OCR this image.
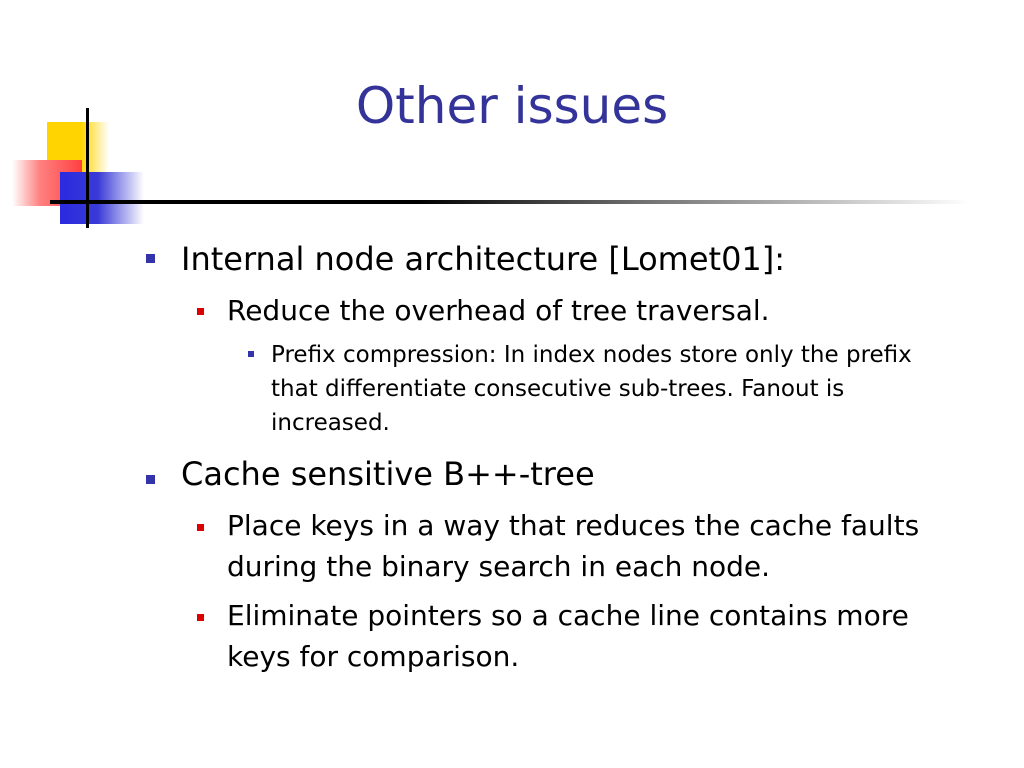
Other issues
Internal node architecture [Lomet01]:
Reduce the overhead of tree traversal.
Prefix compression: In index nodes store only the prefix
that differentiate consecutive sub-trees. Fanout is
increased.
Cache sensitive B++-tree
Place keys in a way that reduces the cache faults
during the binary search in each node.
Eliminate pointers so a cache line contains more
keys for comparison.
